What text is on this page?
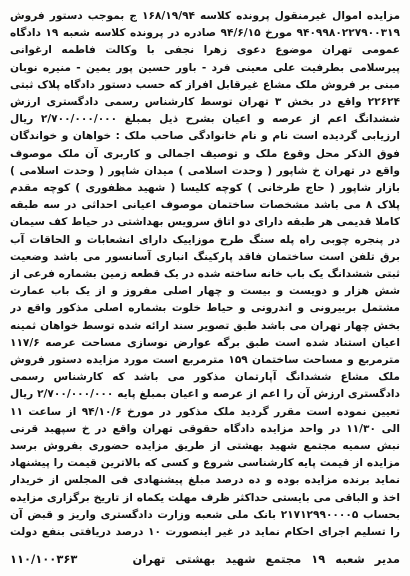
مزایده اموال غیرمنقول پرونده کلاسه ۱۶۸/۱۹/۹۴ ج بموجب دستور فروش ۹۴۰۹۹۸۰۲۲۷۹۰۰۳۱۹ مورخ ۹۴/۶/۱۵ صادره در پرونده کلاسه شعبه ۱۹ دادگاه عمومی تهران موضوع دعوی زهرا نجفی با وکالت فاطمه ارغوانی پیرسلامی بطرفیت علی معینی فرد - باور حسین پور یمین - منیره نوبان مبنی بر فروش ملک مشاع غیرقابل افراز که حسب دستور دادگاه پلاک ثبتی ۲۲۶۲۴ واقع در بخش ۳ تهران توسط کارشناس رسمی دادگستری ارزش ششدانگ اعم از عرصه و اعیان بشرح ذیل بمبلغ ۲/۷۰۰/۰۰۰/۰۰۰ ریال ارزیابی گردیده است نام و نام خانوادگی صاحب ملک : خواهان و خواندگان فوق الذکر محل وقوع ملک و توصیف اجمالی و کاربری آن ملک موصوف واقع در تهران خ شاپور ( وحدت اسلامی ) میدان شاپور ( وحدت اسلامی ) بازار شاپور ( حاج طرخانی ) کوچه کلیسا ( شهید مظفوری ) کوچه مقدم پلاک ۸ می باشد مشخصات ساختمان موصوف اعیانی احداثی در سه طبقه کاملا قدیمی هر طبقه دارای دو اتاق سرویس بهداشتی در حیاط کف سیمان در پنجره چوبی راه پله سنگ طرح موزاییک دارای انشعابات و الحاقات آب برق تلفن است ساختمان فاقد پارکینگ انباری آسانسور می باشد وضعیت ثبتی ششدانگ یک باب خانه ساخته شده در یک قطعه زمین بشماره فرعی از شش هزار و دویست و بیست و چهار اصلی مفروز و از یک باب عمارت مشتمل بربیرونی و اندرونی و حیاط خلوت بشماره اصلی مذکور واقع در بخش چهار تهران می باشد طبق تصویر سند ارائه شده توسط خواهان ثمینه اعیان استناد شده است طبق برگه عوارض نوسازی مساحت عرصه ۱۱۷/۶ مترمربع و مساحت ساختمان ۱۵۹ مترمربع است مورد مزایده دستور فروش ملک مشاع ششدانگ آپارتمان مذکور می باشد که کارشناس رسمی دادگستری ارزش آن را اعم از عرصه و اعیان بمبلغ پایه ۲/۷۰۰/۰۰۰/۰۰۰ ریال تعیین نموده است مقرر گردید ملک مذکور در مورخ ۹۴/۱۰/۶ از ساعت ۱۱ الی ۱۱/۳۰ در واحد مزایده دادگاه حقوقی تهران واقع در خ سپهبد قرنی نبش سمیه مجتمع شهید بهشتی از طریق مزایده حضوری بفروش برسد مزایده از قیمت پایه کارشناسی شروع و کسی که بالاترین قیمت را پیشنهاد نماید برنده مزایده بوده و ده درصد مبلغ پیشنهادی فی المجلس از خریدار اخذ و الباقی می بایستی حداکثر ظرف مهلت یکماه از تاریخ برگزاری مزایده بحساب ۲۱۷۱۲۹۹۰۰۰۰۵ بانک ملی شعبه وزارت دادگستری واریز و قبض آن را تسلیم اجرای احکام نماید در غیر اینصورت ۱۰ درصد دریافتی بنفع دولت

۱۱۰/۱۰۰۳۶۳	مدیر شعبه ۱۹ مجتمع شهید بهشتی تهران
